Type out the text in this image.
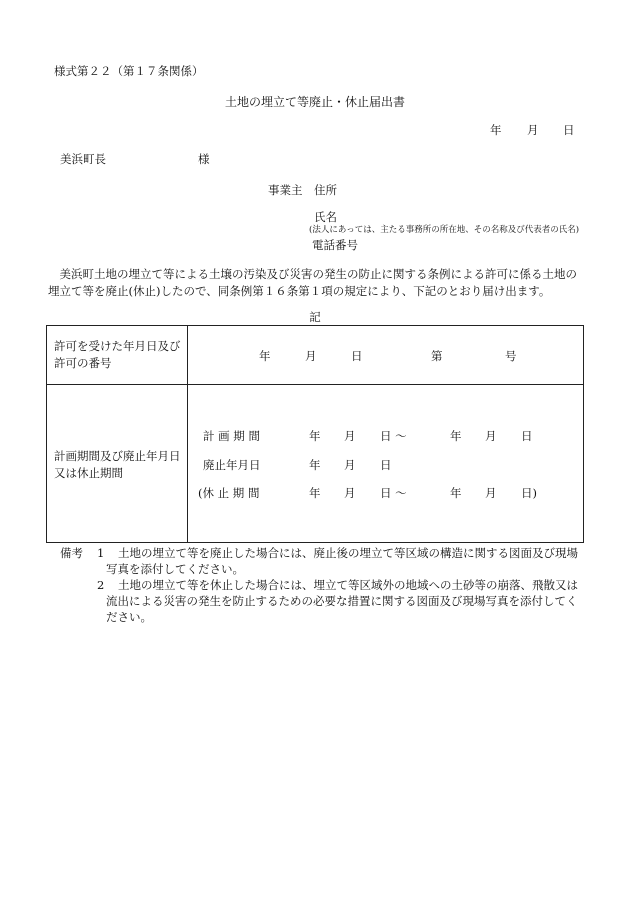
様式第２２（第１７条関係）
土地の埋立て等廃止・休止届出書
年 月 日
美浜町長	様
事業主　住所
氏名
(法人にあっては、主たる事務所の所在地、その名称及び代表者の氏名)
電話番号
　美浜町土地の埋立て等による土壌の汚染及び災害の発生の防止に関する条例による許可に係る土地の
埋立て等を廃止(休止)したので、同条例第１６条第１項の規定により、下記のとおり届け出ます。
記
許可を受けた年月日及び
許可の番号	年	月	日	第	号
計画期間及び廃止年月日
又は休止期間
計 画 期 間	年 月 日 〜	年 月 日
廃止年月日	年 月 日
(休 止 期 間	年 月 日 〜	年 月 日)
備考 1 土地の埋立て等を廃止した場合には、廃止後の埋立て等区域の構造に関する図面及び現場
写真を添付してください。
2 土地の埋立て等を休止した場合には、埋立て等区域外の地域への土砂等の崩落、飛散又は
流出による災害の発生を防止するための必要な措置に関する図面及び現場写真を添付してく
ださい。
